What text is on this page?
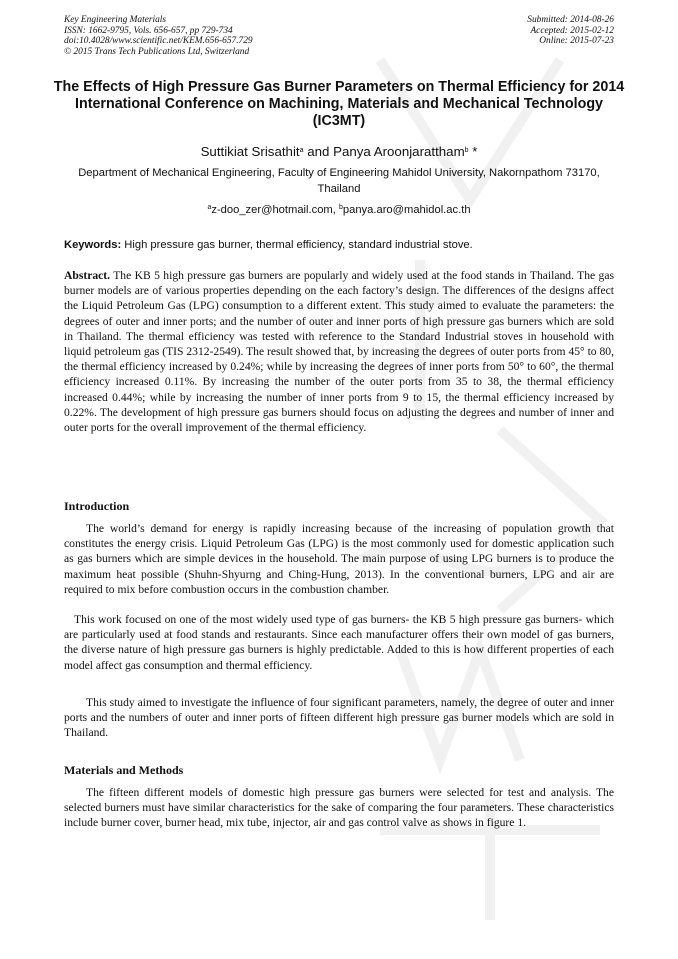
Key Engineering Materials
ISSN: 1662-9795, Vols. 656-657, pp 729-734
doi:10.4028/www.scientific.net/KEM.656-657.729
© 2015 Trans Tech Publications Ltd, Switzerland
Submitted: 2014-08-26
Accepted: 2015-02-12
Online: 2015-07-23
The Effects of High Pressure Gas Burner Parameters on Thermal Efficiency for 2014 International Conference on Machining, Materials and Mechanical Technology (IC3MT)
Suttikiat Srisathit$^a$ and Panya Aroonjarattham$^b$ *
Department of Mechanical Engineering, Faculty of Engineering Mahidol University, Nakornpathom 73170, Thailand
$^a$z-doo_zer@hotmail.com, $^b$panya.aro@mahidol.ac.th
Keywords: High pressure gas burner, thermal efficiency, standard industrial stove.
Abstract. The KB 5 high pressure gas burners are popularly and widely used at the food stands in Thailand. The gas burner models are of various properties depending on the each factory’s design. The differences of the designs affect the Liquid Petroleum Gas (LPG) consumption to a different extent. This study aimed to evaluate the parameters: the degrees of outer and inner ports; and the number of outer and inner ports of high pressure gas burners which are sold in Thailand. The thermal efficiency was tested with reference to the Standard Industrial stoves in household with liquid petroleum gas (TIS 2312-2549). The result showed that, by increasing the degrees of outer ports from 45° to 80, the thermal efficiency increased by 0.24%; while by increasing the degrees of inner ports from 50° to 60°, the thermal efficiency increased 0.11%. By increasing the number of the outer ports from 35 to 38, the thermal efficiency increased 0.44%; while by increasing the number of inner ports from 9 to 15, the thermal efficiency increased by 0.22%. The development of high pressure gas burners should focus on adjusting the degrees and number of inner and outer ports for the overall improvement of the thermal efficiency.
Introduction
The world’s demand for energy is rapidly increasing because of the increasing of population growth that constitutes the energy crisis. Liquid Petroleum Gas (LPG) is the most commonly used for domestic application such as gas burners which are simple devices in the household. The main purpose of using LPG burners is to produce the maximum heat possible (Shuhn-Shyurng and Ching-Hung, 2013). In the conventional burners, LPG and air are required to mix before combustion occurs in the combustion chamber.
This work focused on one of the most widely used type of gas burners- the KB 5 high pressure gas burners- which are particularly used at food stands and restaurants. Since each manufacturer offers their own model of gas burners, the diverse nature of high pressure gas burners is highly predictable. Added to this is how different properties of each model affect gas consumption and thermal efficiency.
This study aimed to investigate the influence of four significant parameters, namely, the degree of outer and inner ports and the numbers of outer and inner ports of fifteen different high pressure gas burner models which are sold in Thailand.
Materials and Methods
The fifteen different models of domestic high pressure gas burners were selected for test and analysis. The selected burners must have similar characteristics for the sake of comparing the four parameters. These characteristics include burner cover, burner head, mix tube, injector, air and gas control valve as shows in figure 1.
